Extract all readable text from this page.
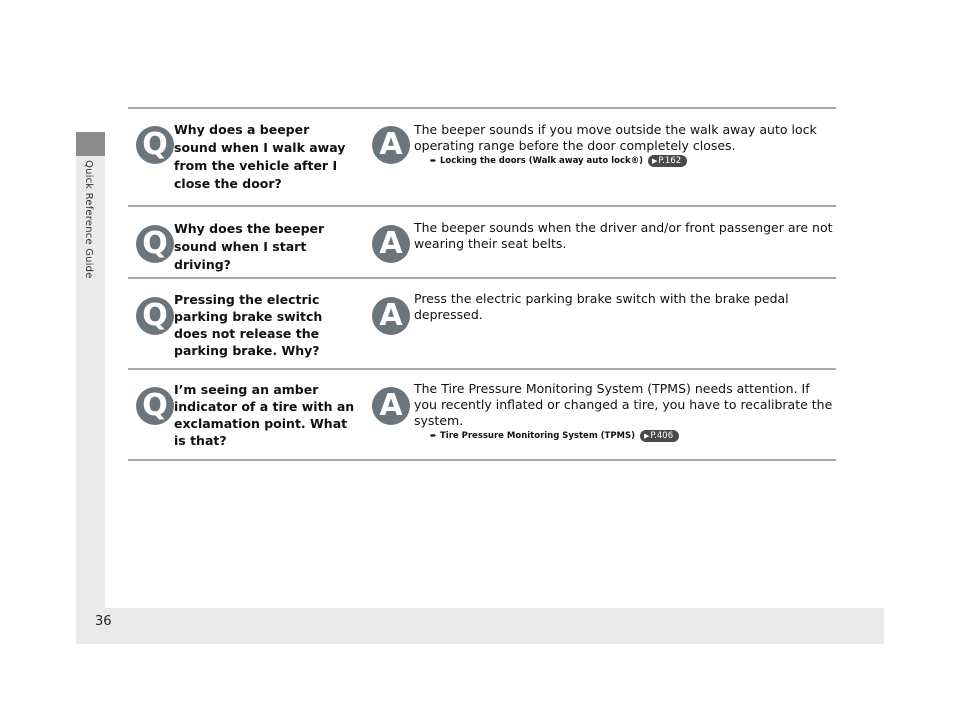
Quick Reference Guide
Q Why does a beeper sound when I walk away from the vehicle after I close the door?
A The beeper sounds if you move outside the walk away auto lock operating range before the door completely closes.
➨ Locking the doors (Walk away auto lock®) ▶P.162
Q Why does the beeper sound when I start driving?
A The beeper sounds when the driver and/or front passenger are not wearing their seat belts.
Q Pressing the electric parking brake switch does not release the parking brake. Why?
A Press the electric parking brake switch with the brake pedal depressed.
Q I’m seeing an amber indicator of a tire with an exclamation point. What is that?
A The Tire Pressure Monitoring System (TPMS) needs attention. If you recently inflated or changed a tire, you have to recalibrate the system.
➨ Tire Pressure Monitoring System (TPMS) ▶P.406
36
